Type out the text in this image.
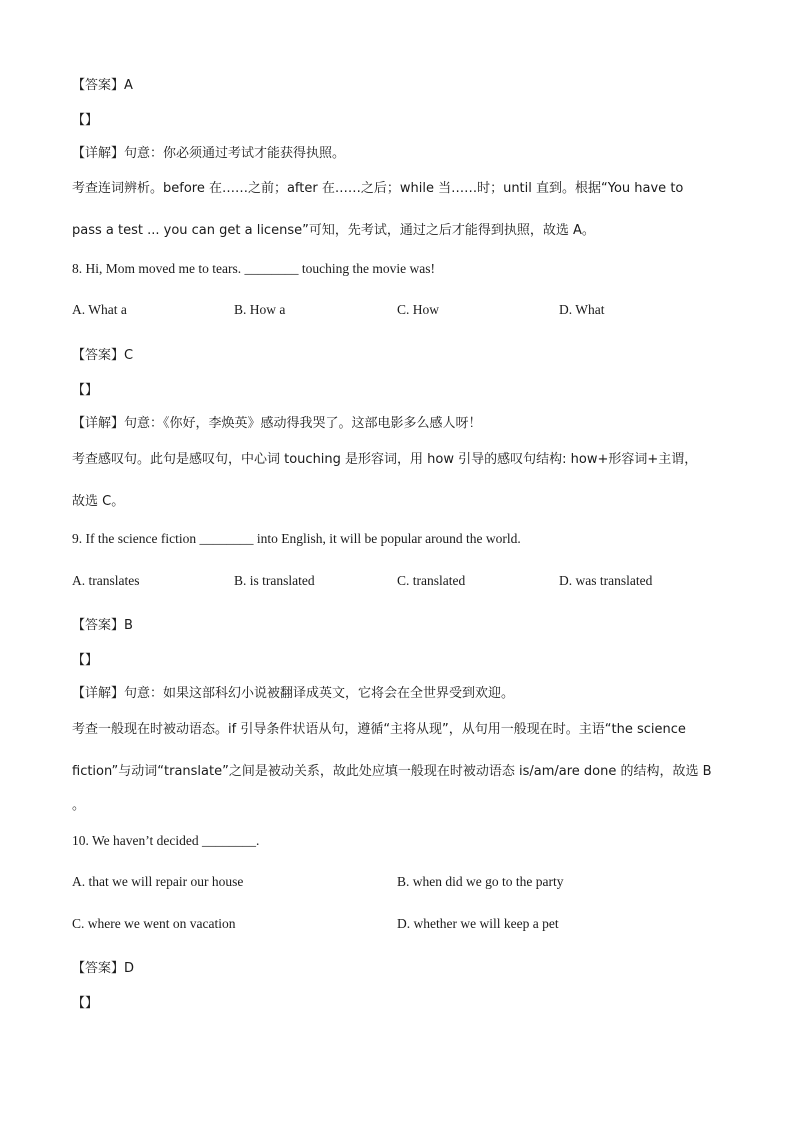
【答案】A
【】
【详解】句意：你必须通过考试才能获得执照。
考查连词辨析。before 在……之前；after 在……之后；while 当……时；until 直到。根据“You have to
pass a test ... you can get a license”可知，先考试，通过之后才能得到执照，故选 A。
8. Hi, Mom moved me to tears. ________ touching the movie was!
A. What a	B. How a	C. How	D. What
【答案】C
【】
【详解】句意：《你好，李焕英》感动得我哭了。这部电影多么感人呀！
考查感叹句。此句是感叹句，中心词 touching 是形容词，用 how 引导的感叹句结构: how+形容词+主谓，
故选 C。
9. If the science fiction ________ into English, it will be popular around the world.
A. translates	B. is translated	C. translated	D. was translated
【答案】B
【】
【详解】句意：如果这部科幻小说被翻译成英文，它将会在全世界受到欢迎。
考查一般现在时被动语态。if 引导条件状语从句，遵循“主将从现”，从句用一般现在时。主语“the science
fiction”与动词“translate”之间是被动关系，故此处应填一般现在时被动语态 is/am/are done 的结构，故选 B
。
10. We haven’t decided ________.
A. that we will repair our house	B. when did we go to the party
C. where we went on vacation	D. whether we will keep a pet
【答案】D
【】
